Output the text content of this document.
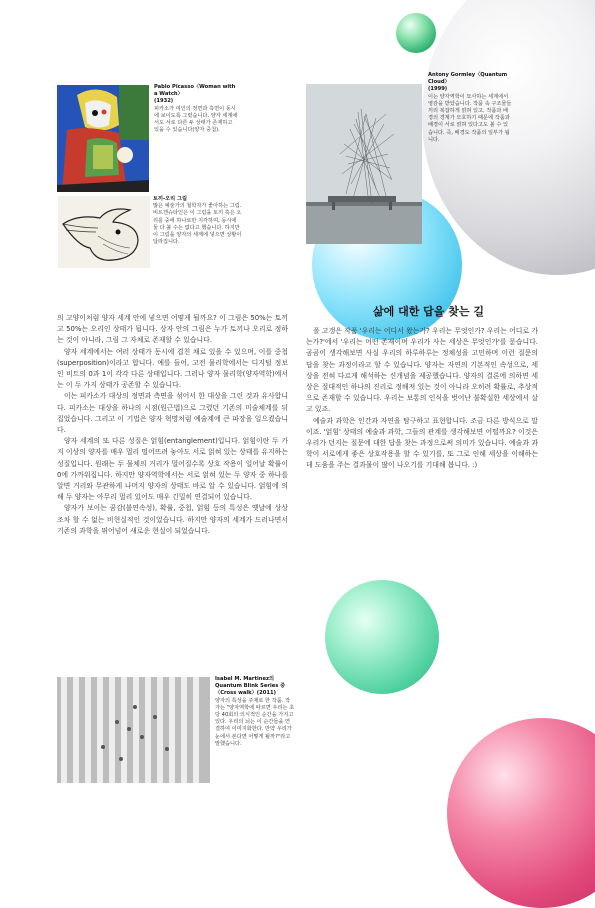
Pablo Picasso〈Woman with a Watch〉
(1932)
피카소가 여인의 정면과 측면이 동시에 보이도록 그렸습니다. 양자 세계에서도 서로 다른 두 상태가 존재하고 있을 수 있습니다(양자 중첩).
토끼-오리 그림
많은 예술가의 철학자가 좋아하는 그림. 비트겐슈타인은 이 그림을 토끼 혹은 오리를 중에 하나로만 지각하며, 동시에 둘 다 볼 수는 없다고 했습니다. 하지만 이 그림을 양자의 세계에 넣으면 상황이 달라집니다.
Antony Gormley〈Quantum Cloud〉
(1999)
이는 양자역학이 묘사하는 세계에서 영감을 받았습니다. 작품 속 구조물들끼리 복잡하게 얽혀 있고, 작품과 배경의 경계가 모호하기 때문에 작품과 배경이 서로 얽혀 있다고도 볼 수 있습니다. 즉, 배경도 작품의 일부가 됩니다.
삶에 대한 답을 찾는 길

의 고양이처럼 양자 세계 안에 넣으면 어떻게 될까요? 이 그림은 50%는 토끼고 50%는 오리인 상태가 됩니다. 상자 안의 그림은 누가 토끼나 오리로 정하는 것이 아니라, 그림 그 자체로 존재할 수 있습니다.

양자 세계에서는 여러 상태가 동시에 겹친 채로 있을 수 있으며, 이를 중첩(superposition)이라고 합니다. 예를 들어, 고전 물리학에서는 디지털 정보인 비트의 0과 1이 각각 다른 상태입니다. 그러나 양자 물리학(양자역학)에서는 이 두 가지 상태가 공존할 수 있습니다.

이는 피카소가 대상의 정면과 측면을 섞어서 한 대상을 그린 것과 유사합니다. 피카소는 대상을 하나의 시점(원근법)으로 그렸던 기존의 미술체계를 뒤집었습니다. 그리고 이 기법은 양자 혁명처럼 예술계에 큰 파장을 일으켰습니다.

양자 세계의 또 다른 성질은 얽힘(entanglement)입니다. 얽힘이란 두 가지 이상의 양자를 매우 멀리 떨어뜨려 놓아도 서로 얽혀 있는 상태를 유지하는 성질입니다. 원래는 두 물체의 거리가 멀어질수록 상호 작용이 일어날 확률이 0에 가까워집니다. 하지만 양자역학에서는 서로 얽혀 있는 두 양자 중 하나를 알면 거리와 무관하게 나머지 양자의 상태도 바로 알 수 있습니다. 얽힘에 의해 두 양자는 아무리 멀리 있어도 매우 긴밀히 연결되어 있습니다.

양자가 보이는 꿈감(불연속성), 확률, 중첩, 얽힘 등의 특성은 옛날에 상상조차 할 수 없는 비현실적인 것이었습니다. 하지만 양자의 세계가 드러나면서 기존의 과학을 뛰어넘어 새로운 현실이 되었습니다.

폴 고갱은 작품 '우리는 어디서 왔는가? 우리는 무엇인가? 우리는 어디로 가는가?'에서 '우리는 어떤 존재이며 우리가 사는 세상은 무엇인가'를 묻습니다. 곰곰이 생각해보면 사실 우리의 하루하루는 정체성을 고민하며 이런 질문의 답을 찾는 과정이라고 할 수 있습니다. 양자는 자연의 기본적인 속성으로, 세상을 전혀 다르게 해석하는 신개념을 제공했습니다. 양자의 결론에 의하면 세상은 절대적인 하나의 진리로 정해져 있는 것이 아니라 오히려 확률로, 추상적으로 존재할 수 있습니다. 우리는 보통의 인식을 벗어난 불확실한 세상에서 살고 있죠.

예술과 과학은 인간과 자연을 탐구하고 표현합니다. 조금 다른 방식으로 말이죠. '얽힘' 상태의 예술과 과학, 그들의 관계를 생각해보면 어떨까요? 이것은 우리가 던지는 질문에 대한 답을 찾는 과정으로써 의미가 있습니다. 예술과 과학이 서로에게 좋은 상호작용을 할 수 있기를, 또 그로 인해 세상을 이해하는데 도움을 주는 결과물이 많이 나오기를 기대해 봅니다. :)

Isabel M. Martinez의 Quantum Blink Series 중〈Cross walk〉(2011)
양자의 특성을 주제로 한 작품. 작가는 "양자역학에 따르면 우리는 초당 40회의 의식적인 순간을 가지고 있다. 우리의 뇌는 이 순간들을 연결하여 이미지화한다. 만약 우리가 눈에서 본다면 어떻게 될까?"라고 말했습니다.
